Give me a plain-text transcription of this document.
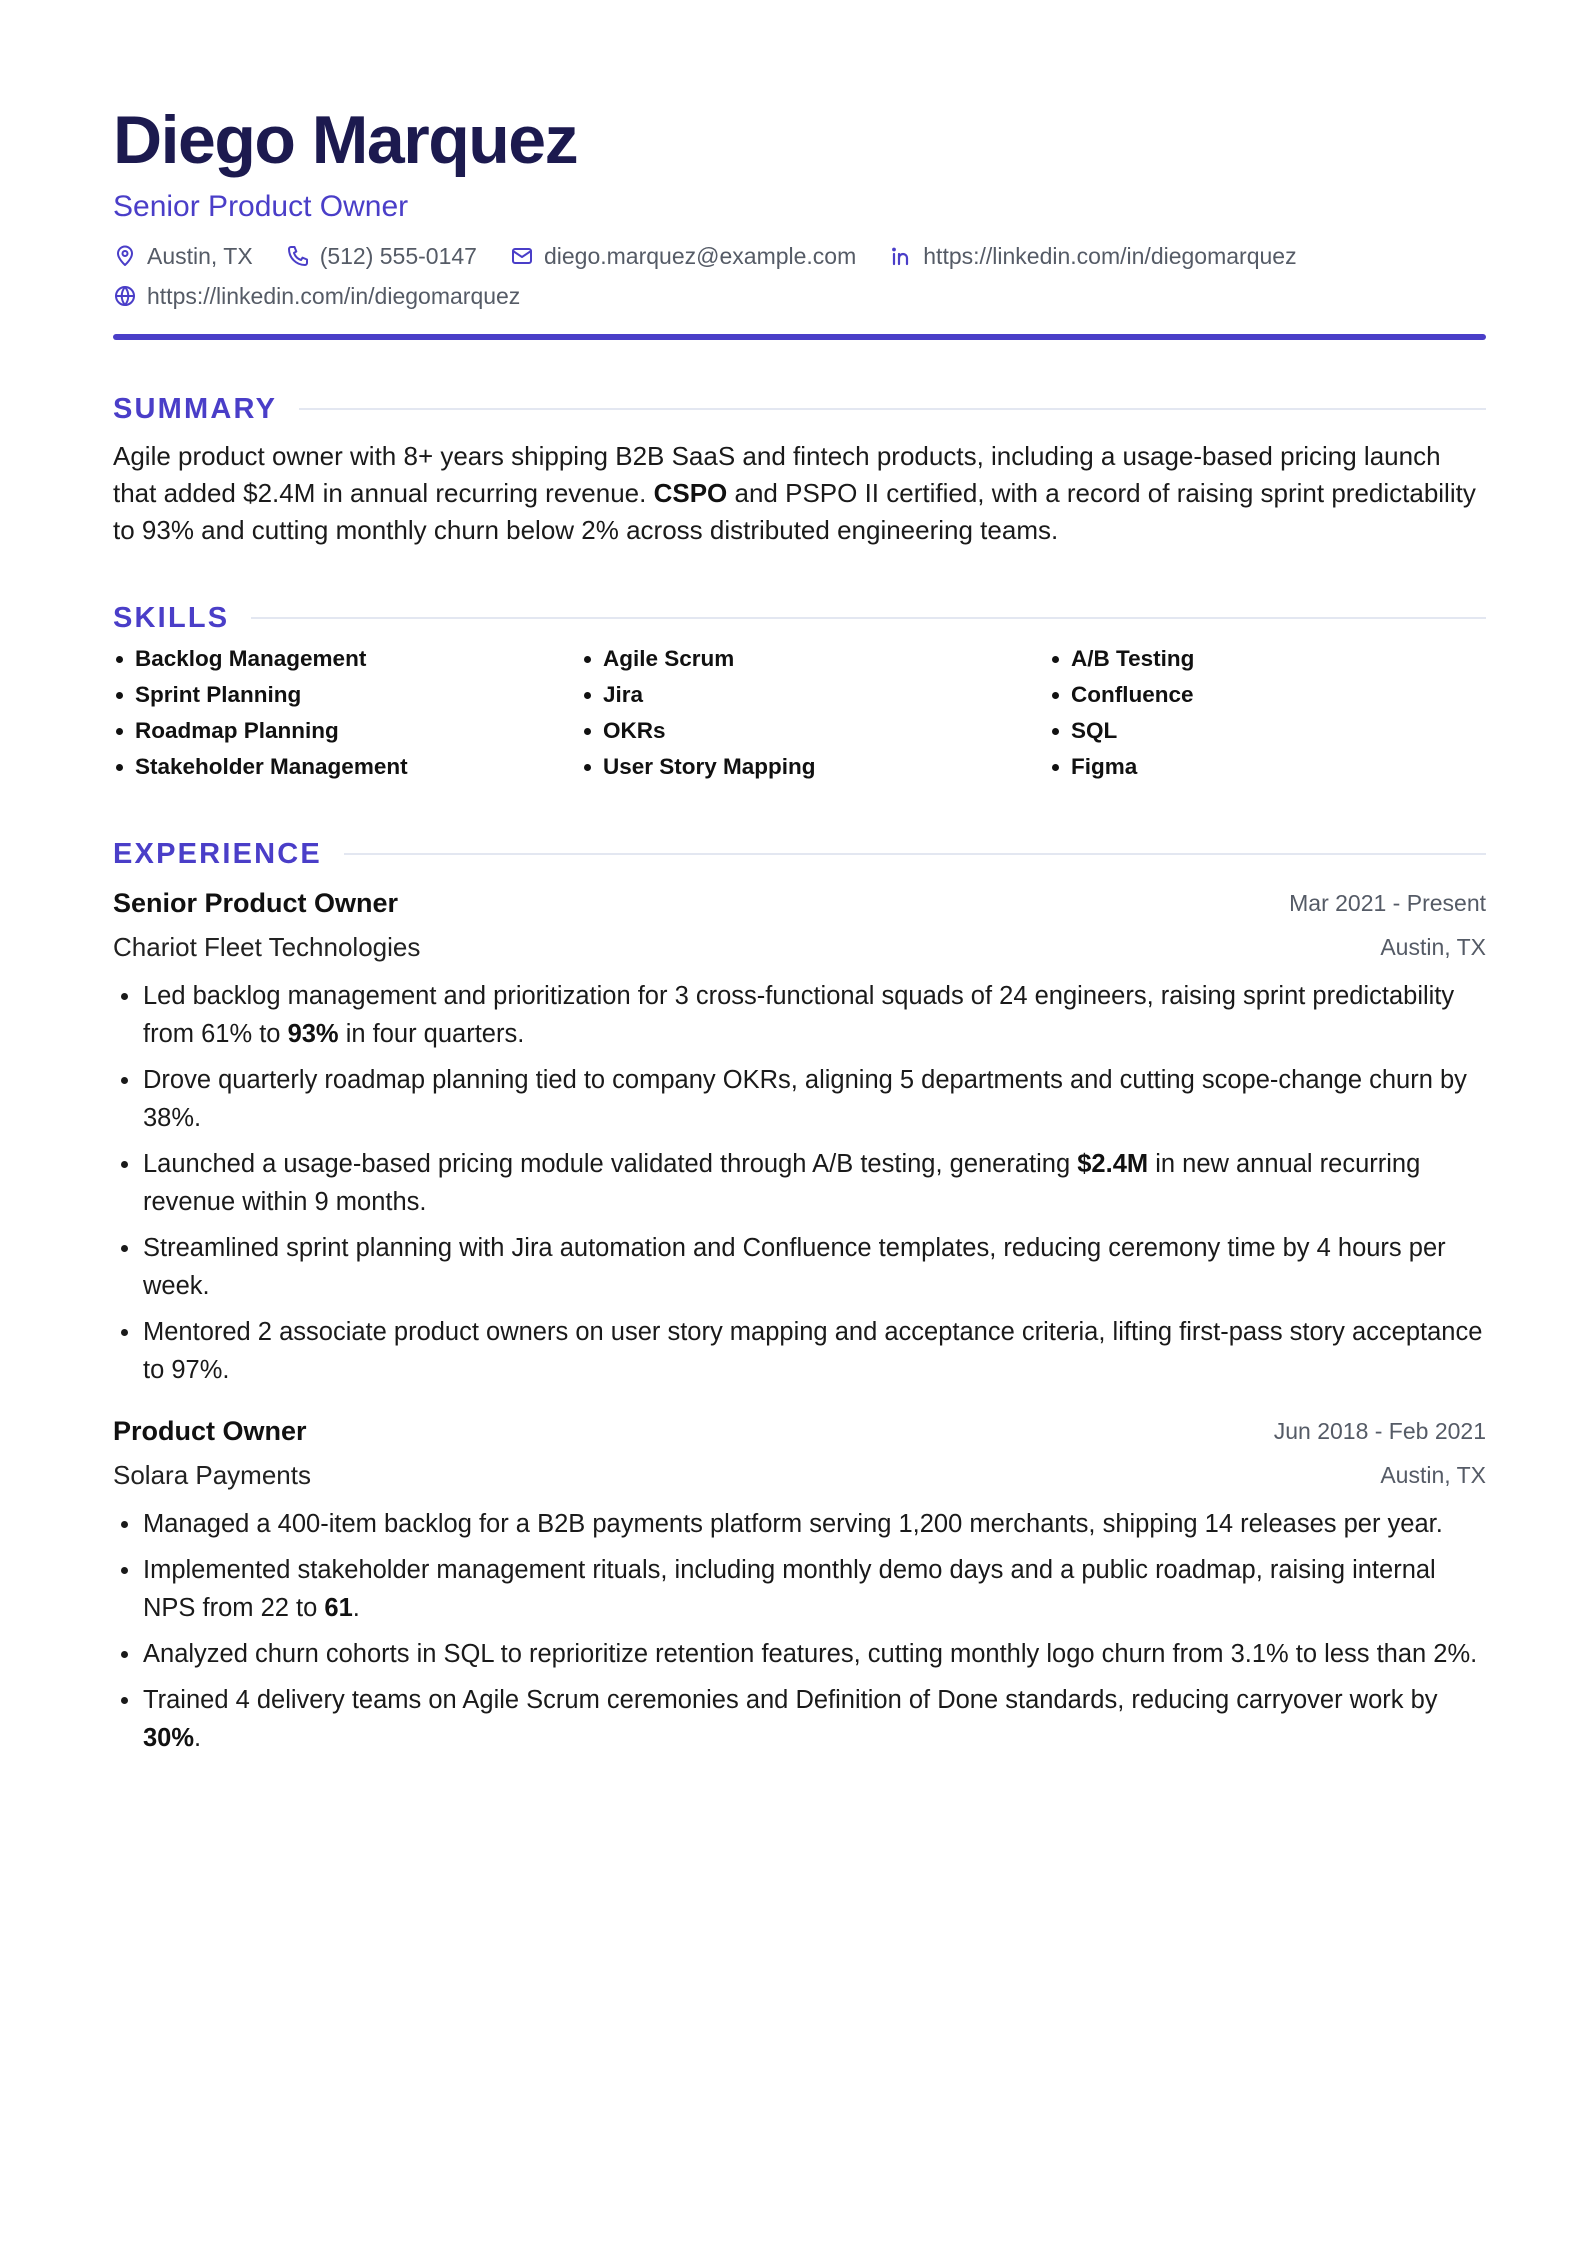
Diego Marquez
Senior Product Owner
Austin, TX	(512) 555-0147	diego.marquez@example.com	https://linkedin.com/in/diegomarquez
https://linkedin.com/in/diegomarquez
SUMMARY
Agile product owner with 8+ years shipping B2B SaaS and fintech products, including a usage-based pricing launch that added $2.4M in annual recurring revenue. CSPO and PSPO II certified, with a record of raising sprint predictability to 93% and cutting monthly churn below 2% across distributed engineering teams.
SKILLS
Backlog Management
Sprint Planning
Roadmap Planning
Stakeholder Management
Agile Scrum
Jira
OKRs
User Story Mapping
A/B Testing
Confluence
SQL
Figma
EXPERIENCE
Senior Product Owner	Mar 2021 - Present
Chariot Fleet Technologies	Austin, TX
Led backlog management and prioritization for 3 cross-functional squads of 24 engineers, raising sprint predictability from 61% to 93% in four quarters.
Drove quarterly roadmap planning tied to company OKRs, aligning 5 departments and cutting scope-change churn by 38%.
Launched a usage-based pricing module validated through A/B testing, generating $2.4M in new annual recurring revenue within 9 months.
Streamlined sprint planning with Jira automation and Confluence templates, reducing ceremony time by 4 hours per week.
Mentored 2 associate product owners on user story mapping and acceptance criteria, lifting first-pass story acceptance to 97%.
Product Owner	Jun 2018 - Feb 2021
Solara Payments	Austin, TX
Managed a 400-item backlog for a B2B payments platform serving 1,200 merchants, shipping 14 releases per year.
Implemented stakeholder management rituals, including monthly demo days and a public roadmap, raising internal NPS from 22 to 61.
Analyzed churn cohorts in SQL to reprioritize retention features, cutting monthly logo churn from 3.1% to less than 2%.
Trained 4 delivery teams on Agile Scrum ceremonies and Definition of Done standards, reducing carryover work by 30%.
